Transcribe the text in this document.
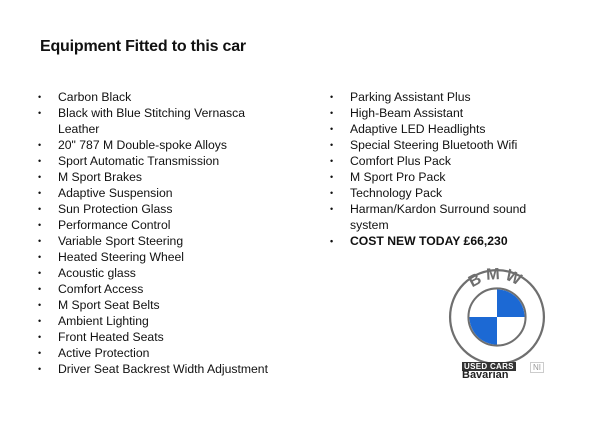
Equipment Fitted to this car
• Carbon Black
• Black with Blue Stitching Vernasca Leather
• 20" 787 M Double-spoke Alloys
• Sport Automatic Transmission
• M Sport Brakes
• Adaptive Suspension
• Sun Protection Glass
• Performance Control
• Variable Sport Steering
• Heated Steering Wheel
• Acoustic glass
• Comfort Access
• M Sport Seat Belts
• Ambient Lighting
• Front Heated Seats
• Active Protection
• Driver Seat Backrest Width Adjustment
• Parking Assistant Plus
• High-Beam Assistant
• Adaptive LED Headlights
• Special Steering Bluetooth Wifi
• Comfort Plus Pack
• M Sport Pro Pack
• Technology Pack
• Harman/Kardon Surround sound system
• COST NEW TODAY £66,230
BMW
USED CARS
Bavarian
NI
